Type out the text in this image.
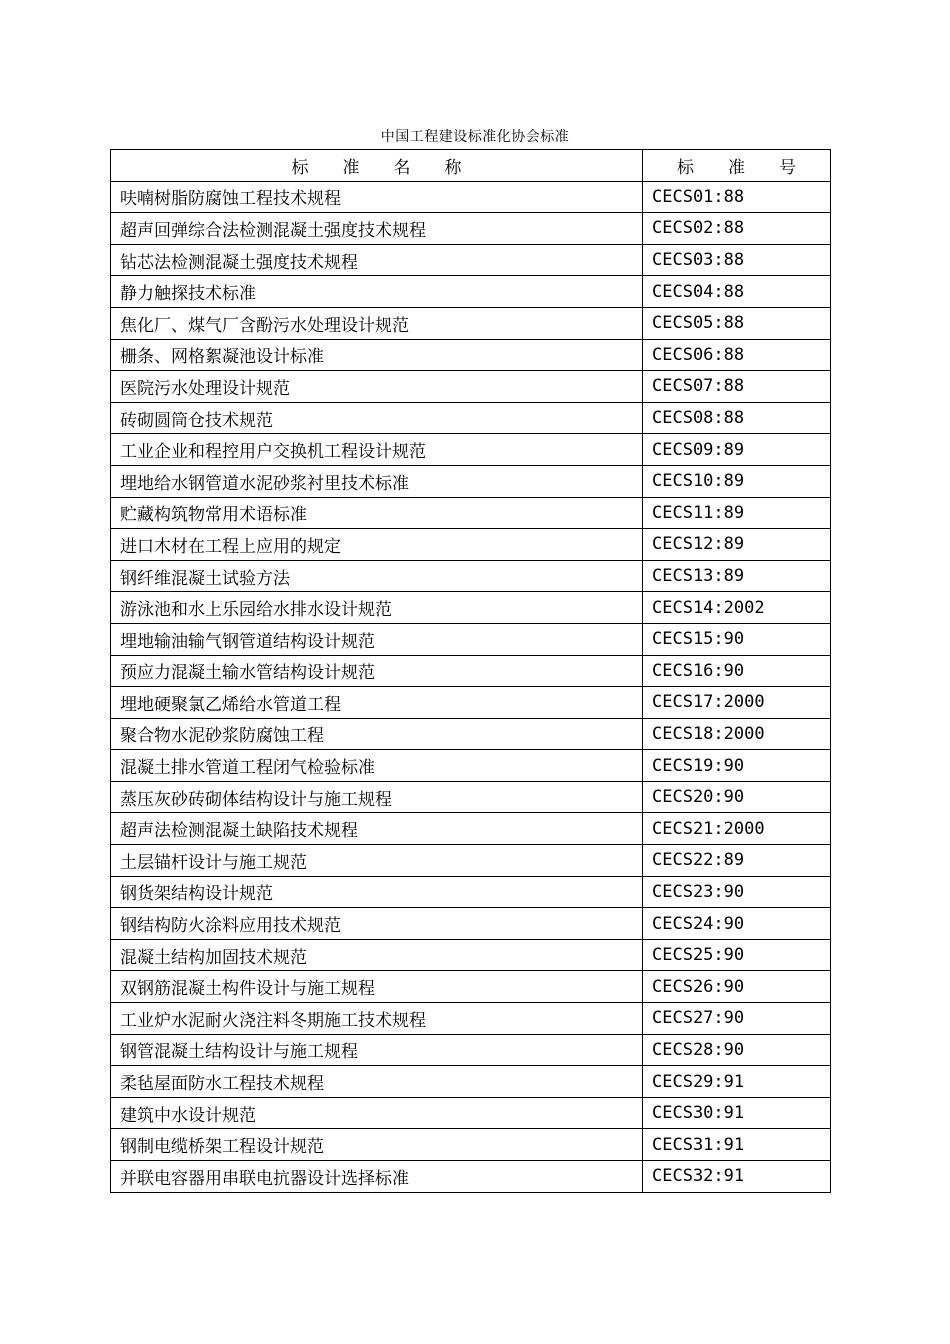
中国工程建设标准化协会标准
标　　准　　名　　称	标　　准　　号
呋喃树脂防腐蚀工程技术规程	CECS01:88
超声回弹综合法检测混凝土强度技术规程	CECS02:88
钻芯法检测混凝土强度技术规程	CECS03:88
静力触探技术标准	CECS04:88
焦化厂、煤气厂含酚污水处理设计规范	CECS05:88
栅条、网格絮凝池设计标准	CECS06:88
医院污水处理设计规范	CECS07:88
砖砌圆筒仓技术规范	CECS08:88
工业企业和程控用户交换机工程设计规范	CECS09:89
埋地给水钢管道水泥砂浆衬里技术标准	CECS10:89
贮藏构筑物常用术语标准	CECS11:89
进口木材在工程上应用的规定	CECS12:89
钢纤维混凝土试验方法	CECS13:89
游泳池和水上乐园给水排水设计规范	CECS14:2002
埋地输油输气钢管道结构设计规范	CECS15:90
预应力混凝土输水管结构设计规范	CECS16:90
埋地硬聚氯乙烯给水管道工程	CECS17:2000
聚合物水泥砂浆防腐蚀工程	CECS18:2000
混凝土排水管道工程闭气检验标准	CECS19:90
蒸压灰砂砖砌体结构设计与施工规程	CECS20:90
超声法检测混凝土缺陷技术规程	CECS21:2000
土层锚杆设计与施工规范	CECS22:89
钢货架结构设计规范	CECS23:90
钢结构防火涂料应用技术规范	CECS24:90
混凝土结构加固技术规范	CECS25:90
双钢筋混凝土构件设计与施工规程	CECS26:90
工业炉水泥耐火浇注料冬期施工技术规程	CECS27:90
钢管混凝土结构设计与施工规程	CECS28:90
柔毡屋面防水工程技术规程	CECS29:91
建筑中水设计规范	CECS30:91
钢制电缆桥架工程设计规范	CECS31:91
并联电容器用串联电抗器设计选择标准	CECS32:91
